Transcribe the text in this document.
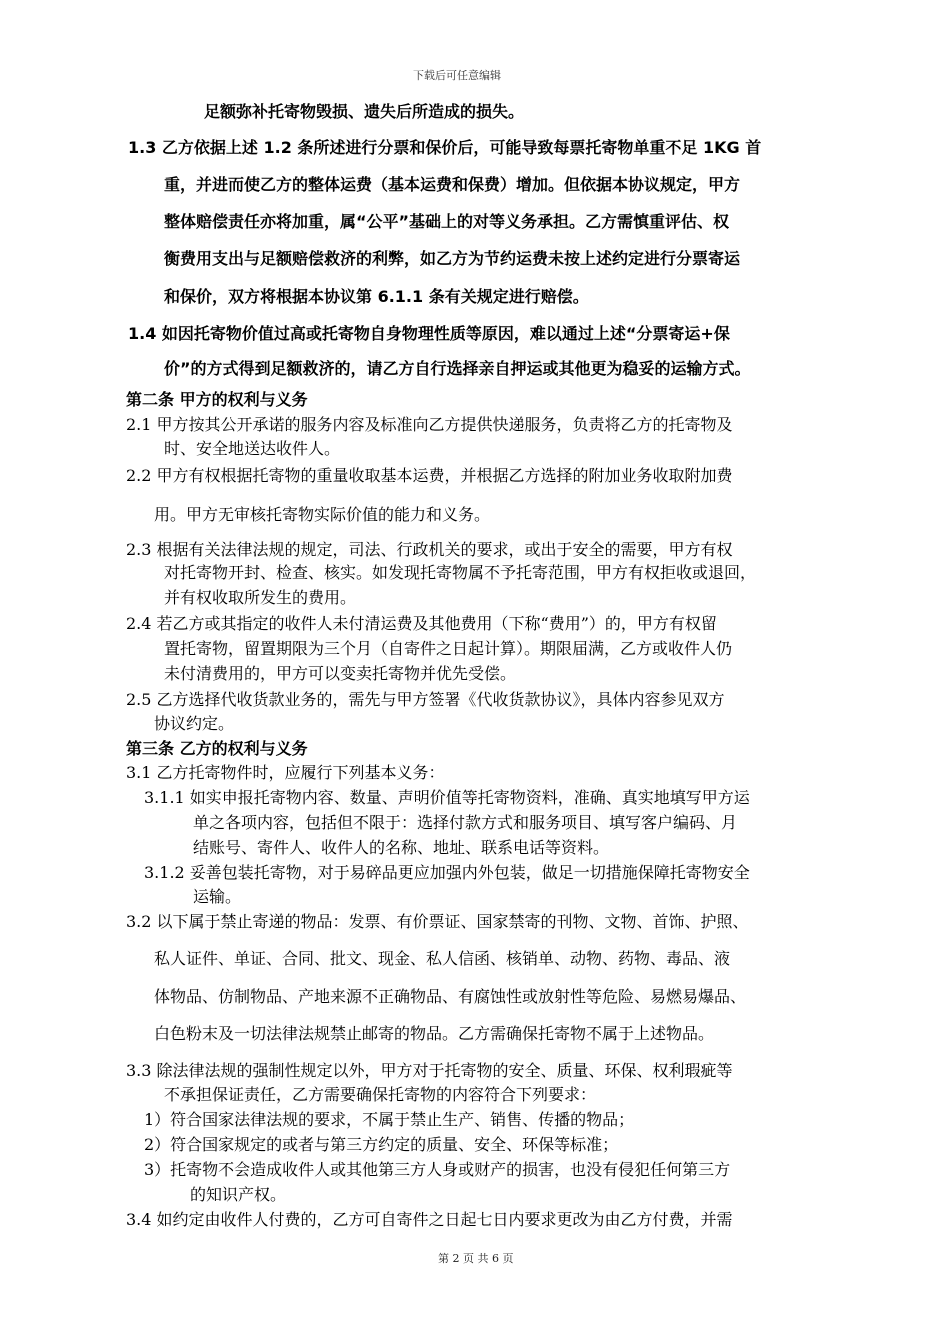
下载后可任意编辑
足额弥补托寄物毁损、遗失后所造成的损失。
1.3 乙方依据上述 1.2 条所述进行分票和保价后，可能导致每票托寄物单重不足 1KG 首
重，并进而使乙方的整体运费（基本运费和保费）增加。但依据本协议规定，甲方
整体赔偿责任亦将加重，属“公平”基础上的对等义务承担。乙方需慎重评估、权
衡费用支出与足额赔偿救济的利弊，如乙方为节约运费未按上述约定进行分票寄运
和保价，双方将根据本协议第 6.1.1 条有关规定进行赔偿。
1.4 如因托寄物价值过高或托寄物自身物理性质等原因，难以通过上述“分票寄运+保
价”的方式得到足额救济的，请乙方自行选择亲自押运或其他更为稳妥的运输方式。
第二条 甲方的权利与义务
2.1 甲方按其公开承诺的服务内容及标准向乙方提供快递服务，负责将乙方的托寄物及
时、安全地送达收件人。
2.2 甲方有权根据托寄物的重量收取基本运费，并根据乙方选择的附加业务收取附加费
用。甲方无审核托寄物实际价值的能力和义务。
2.3 根据有关法律法规的规定，司法、行政机关的要求，或出于安全的需要，甲方有权
对托寄物开封、检查、核实。如发现托寄物属不予托寄范围，甲方有权拒收或退回，
并有权收取所发生的费用。
2.4 若乙方或其指定的收件人未付清运费及其他费用（下称“费用”）的，甲方有权留
置托寄物，留置期限为三个月（自寄件之日起计算）。期限届满，乙方或收件人仍
未付清费用的，甲方可以变卖托寄物并优先受偿。
2.5 乙方选择代收货款业务的，需先与甲方签署《代收货款协议》，具体内容参见双方
协议约定。
第三条 乙方的权利与义务
3.1 乙方托寄物件时，应履行下列基本义务：
3.1.1 如实申报托寄物内容、数量、声明价值等托寄物资料，准确、真实地填写甲方运
单之各项内容，包括但不限于：选择付款方式和服务项目、填写客户编码、月
结账号、寄件人、收件人的名称、地址、联系电话等资料。
3.1.2 妥善包装托寄物，对于易碎品更应加强内外包装，做足一切措施保障托寄物安全
运输。
3.2 以下属于禁止寄递的物品：发票、有价票证、国家禁寄的刊物、文物、首饰、护照、
私人证件、单证、合同、批文、现金、私人信函、核销单、动物、药物、毒品、液
体物品、仿制物品、产地来源不正确物品、有腐蚀性或放射性等危险、易燃易爆品、
白色粉末及一切法律法规禁止邮寄的物品。乙方需确保托寄物不属于上述物品。
3.3 除法律法规的强制性规定以外，甲方对于托寄物的安全、质量、环保、权利瑕疵等
不承担保证责任，乙方需要确保托寄物的内容符合下列要求：
1）符合国家法律法规的要求，不属于禁止生产、销售、传播的物品；
2）符合国家规定的或者与第三方约定的质量、安全、环保等标准；
3）托寄物不会造成收件人或其他第三方人身或财产的损害，也没有侵犯任何第三方
的知识产权。
3.4 如约定由收件人付费的，乙方可自寄件之日起七日内要求更改为由乙方付费，并需
第 2 页 共 6 页
